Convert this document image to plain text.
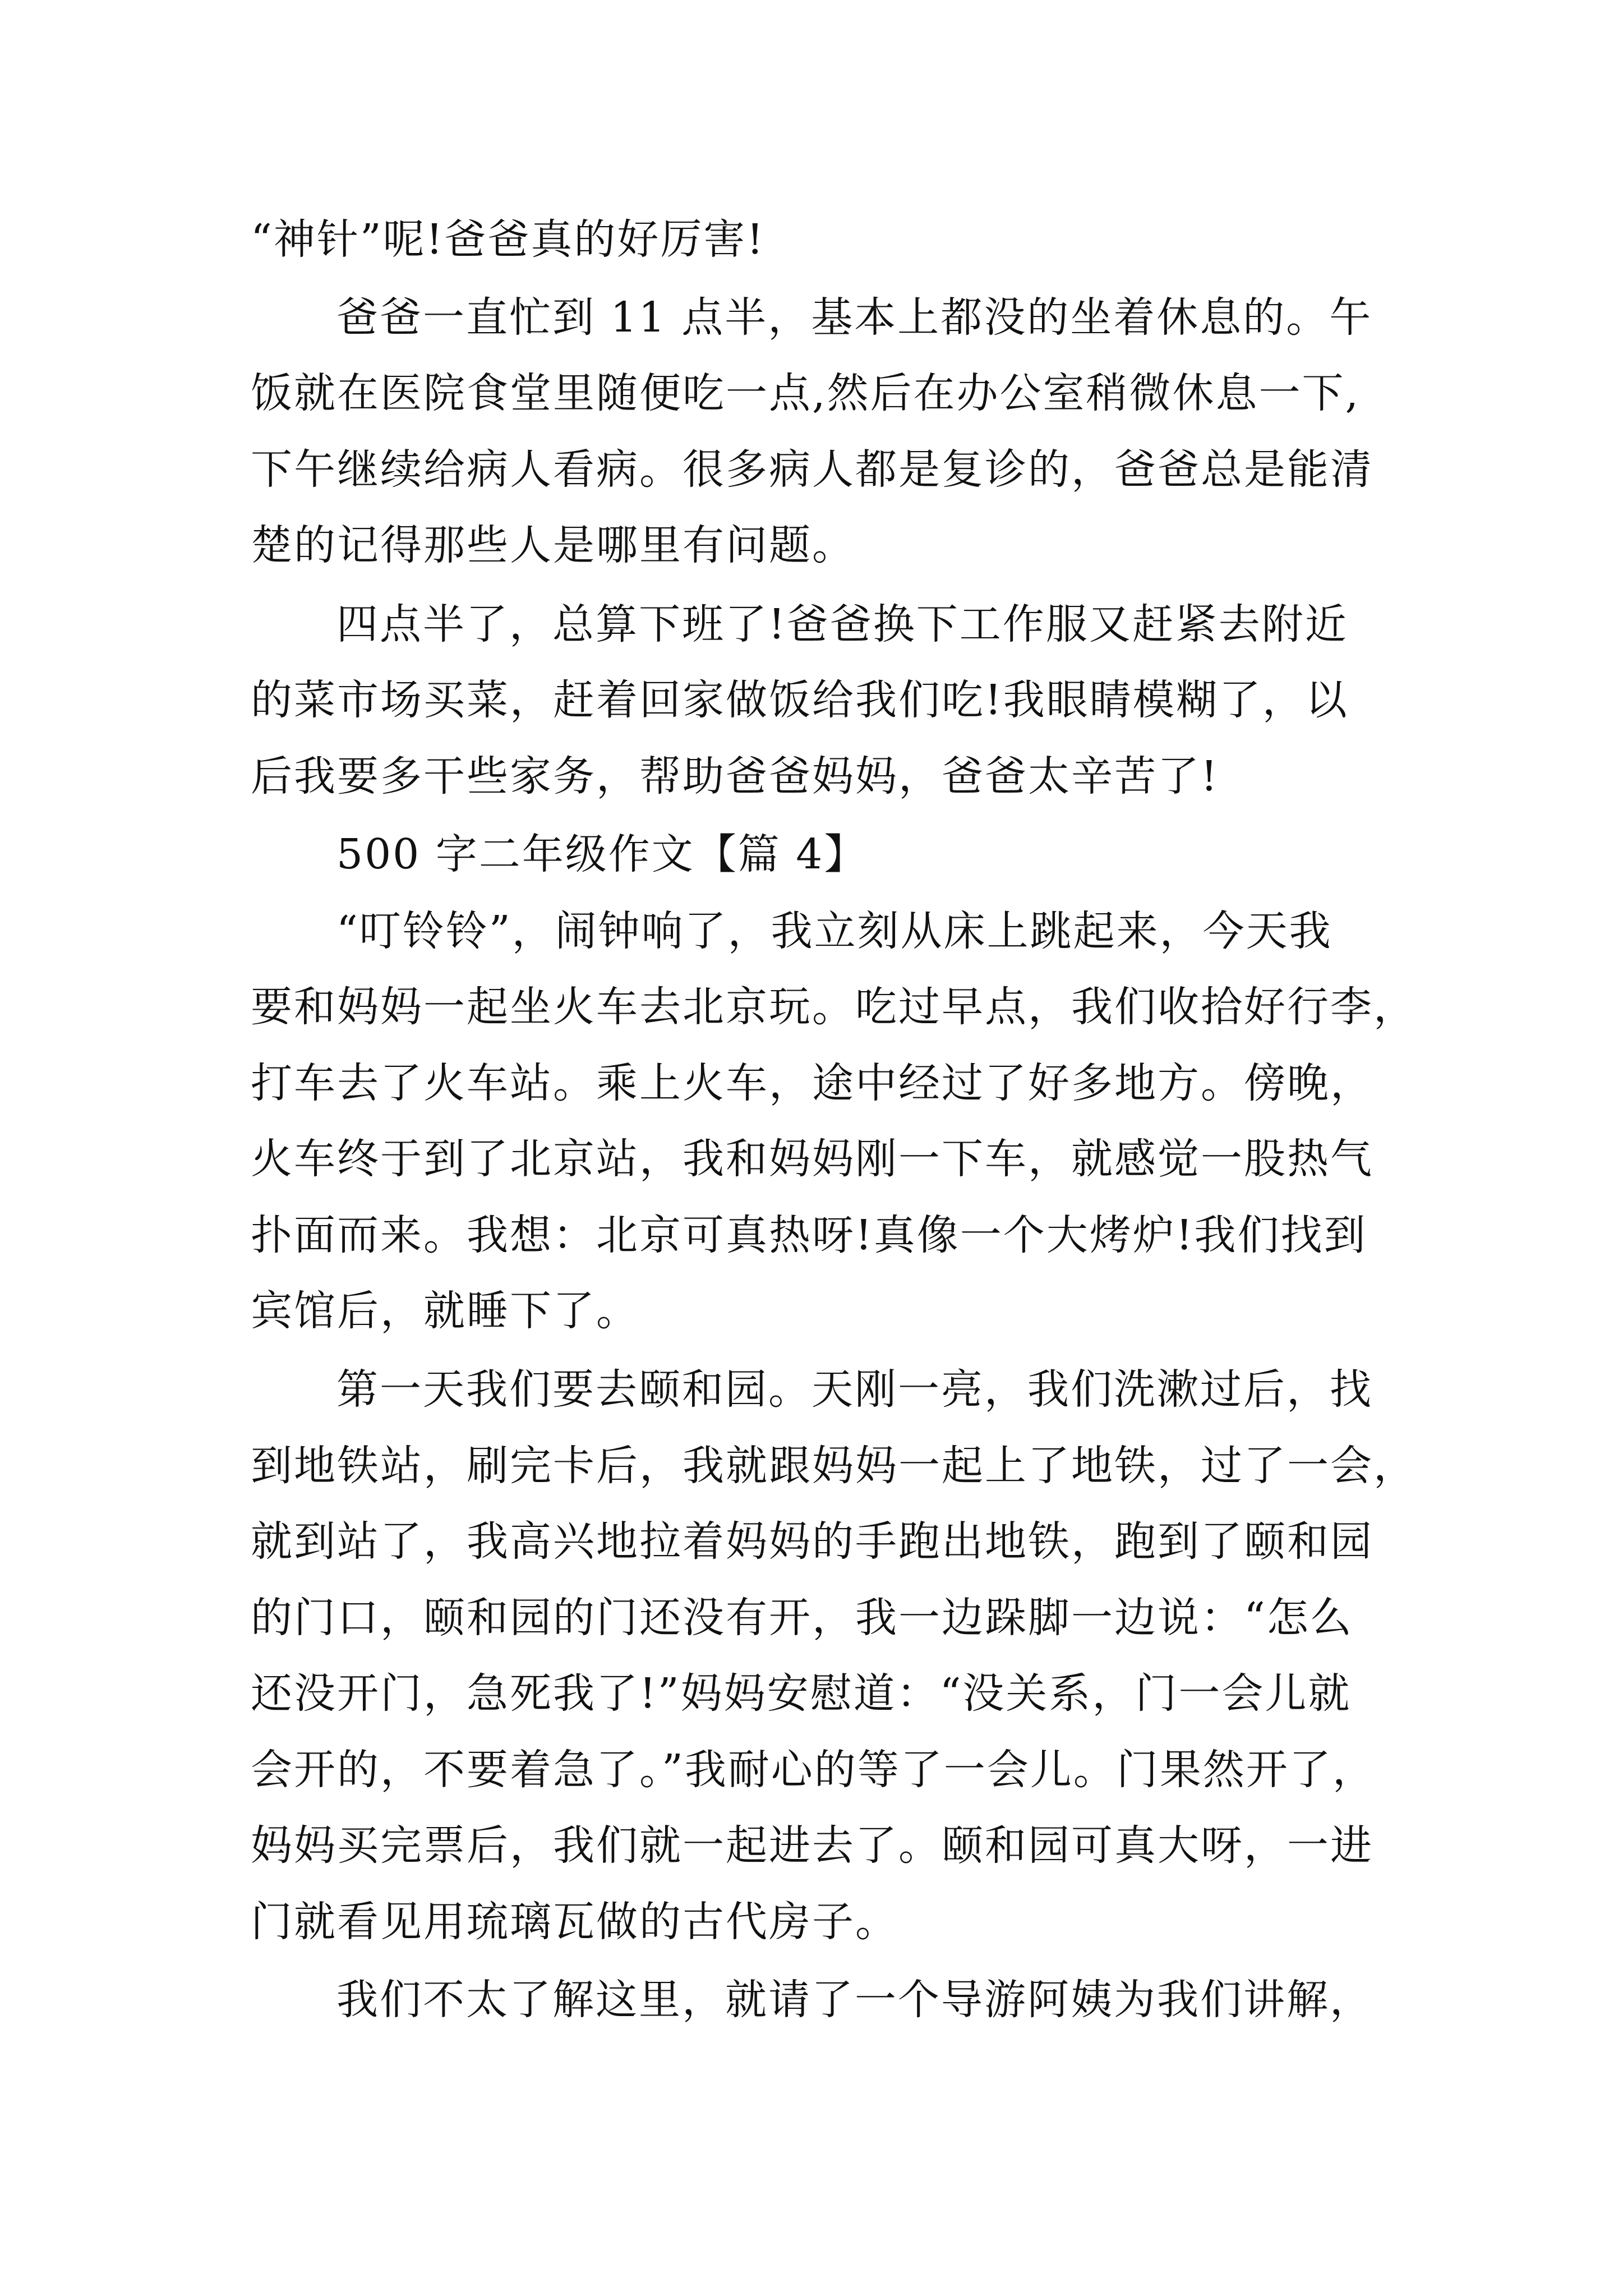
“神针”呢!爸爸真的好厉害!
爸爸一直忙到 11 点半，基本上都没的坐着休息的。午
饭就在医院食堂里随便吃一点,然后在办公室稍微休息一下,
下午继续给病人看病。很多病人都是复诊的，爸爸总是能清
楚的记得那些人是哪里有问题。
四点半了，总算下班了!爸爸换下工作服又赶紧去附近
的菜市场买菜，赶着回家做饭给我们吃!我眼睛模糊了，以
后我要多干些家务，帮助爸爸妈妈，爸爸太辛苦了!
500 字二年级作文【篇 4】
“叮铃铃”，闹钟响了，我立刻从床上跳起来，今天我
要和妈妈一起坐火车去北京玩。吃过早点，我们收拾好行李，
打车去了火车站。乘上火车，途中经过了好多地方。傍晚，
火车终于到了北京站，我和妈妈刚一下车，就感觉一股热气
扑面而来。我想：北京可真热呀!真像一个大烤炉!我们找到
宾馆后，就睡下了。
第一天我们要去颐和园。天刚一亮，我们洗漱过后，找
到地铁站，刷完卡后，我就跟妈妈一起上了地铁，过了一会，
就到站了，我高兴地拉着妈妈的手跑出地铁，跑到了颐和园
的门口，颐和园的门还没有开，我一边跺脚一边说：“怎么
还没开门，急死我了!”妈妈安慰道：“没关系，门一会儿就
会开的，不要着急了。”我耐心的等了一会儿。门果然开了，
妈妈买完票后，我们就一起进去了。颐和园可真大呀，一进
门就看见用琉璃瓦做的古代房子。
我们不太了解这里，就请了一个导游阿姨为我们讲解，
